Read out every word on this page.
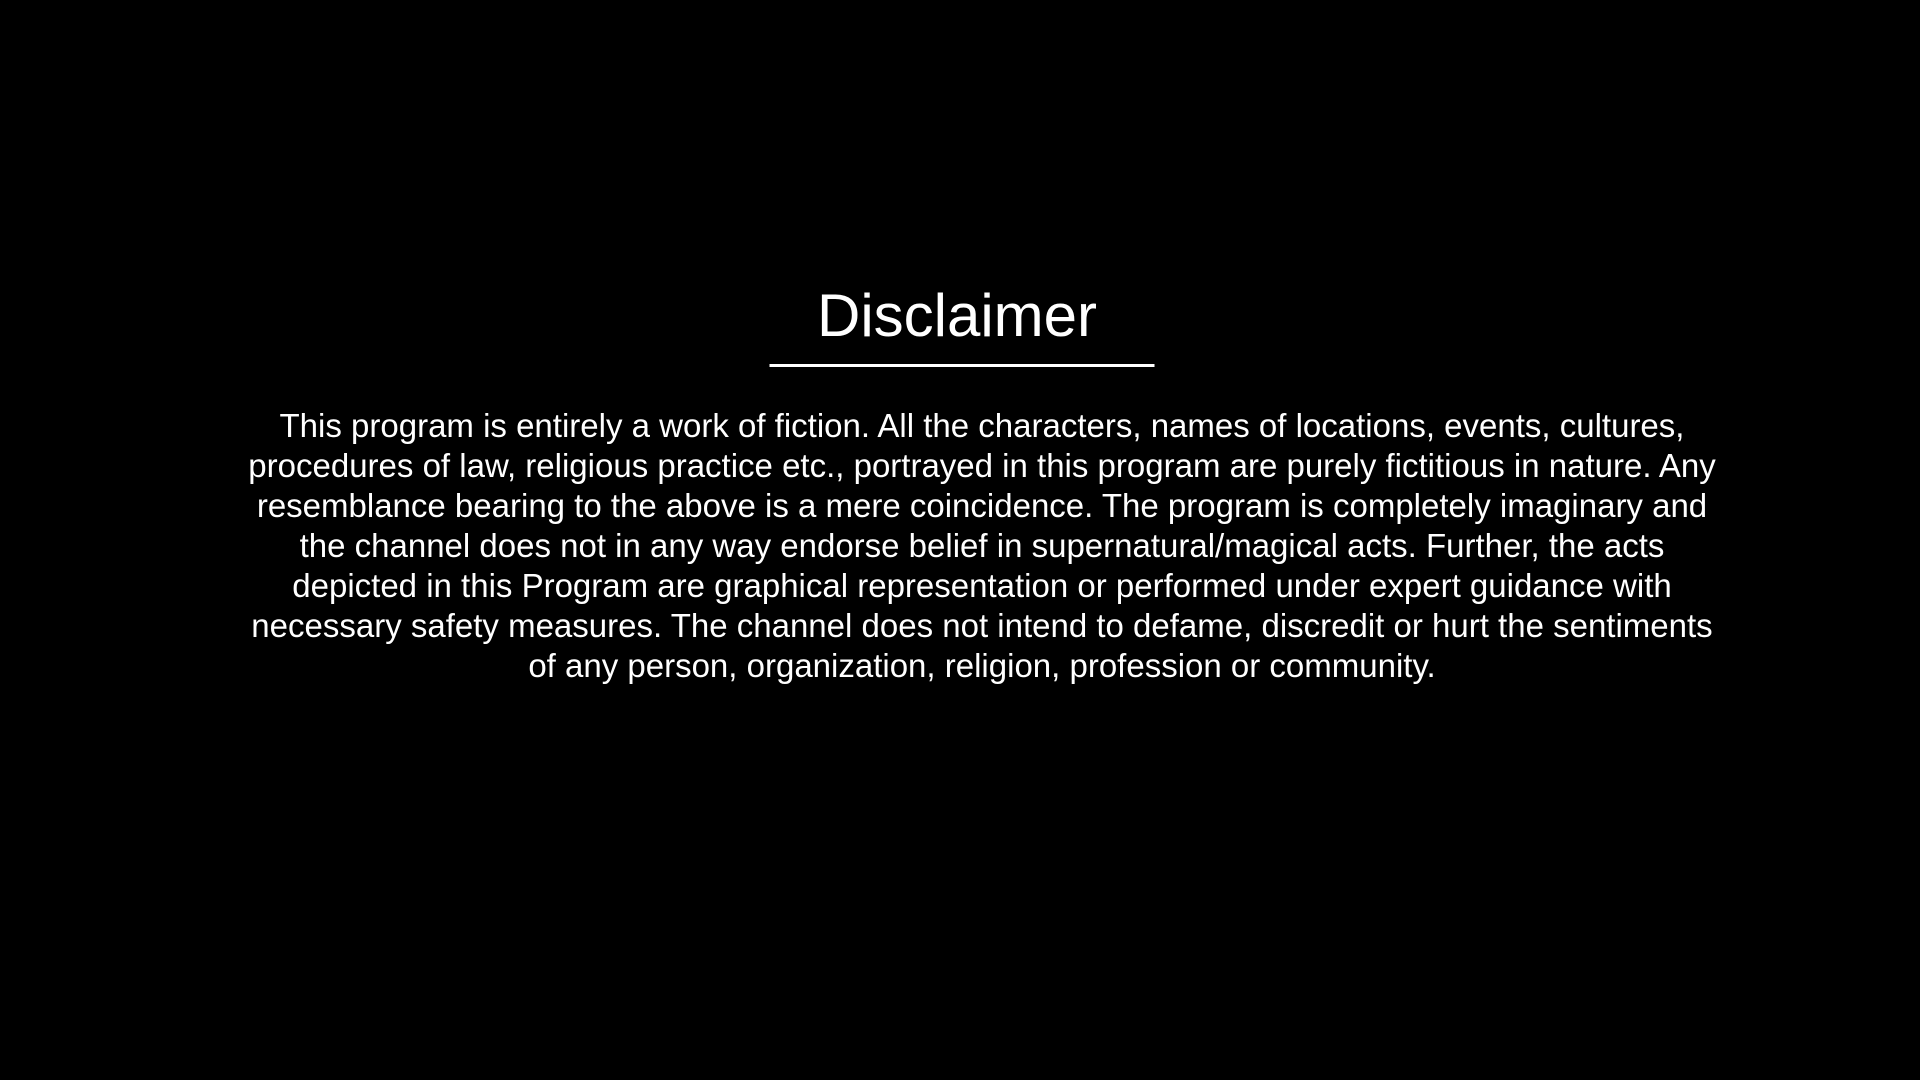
Disclaimer
This program is entirely a work of fiction. All the characters, names of locations, events, cultures,
procedures of law, religious practice etc., portrayed in this program are purely fictitious in nature. Any
resemblance bearing to the above is a mere coincidence. The program is completely imaginary and
the channel does not in any way endorse belief in supernatural/magical acts. Further, the acts
depicted in this Program are graphical representation or performed under expert guidance with
necessary safety measures. The channel does not intend to defame, discredit or hurt the sentiments
of any person, organization, religion, profession or community.
